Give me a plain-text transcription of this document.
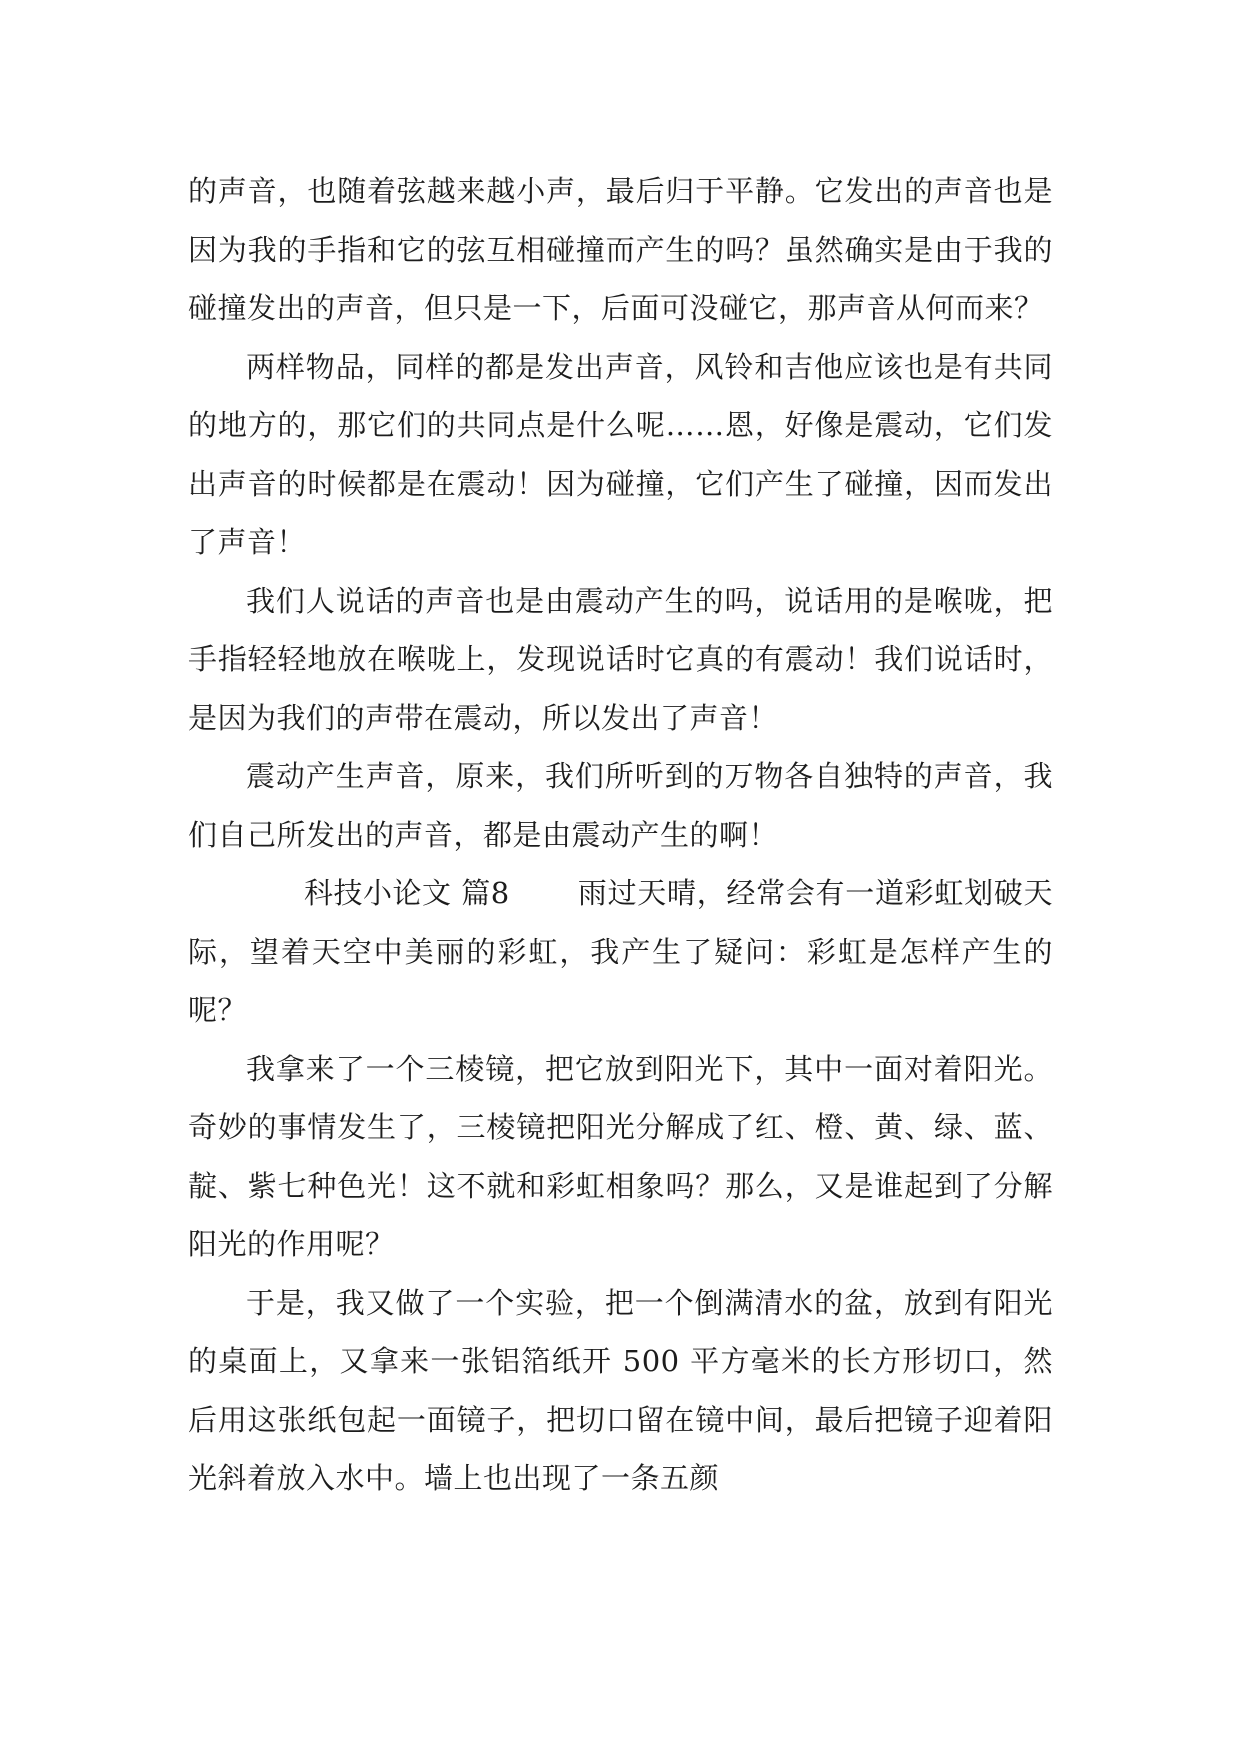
的声音，也随着弦越来越小声，最后归于平静。它发出的声音也是因为我的手指和它的弦互相碰撞而产生的吗？虽然确实是由于我的碰撞发出的声音，但只是一下，后面可没碰它，那声音从何而来？

两样物品，同样的都是发出声音，风铃和吉他应该也是有共同的地方的，那它们的共同点是什么呢……恩，好像是震动，它们发出声音的时候都是在震动！因为碰撞，它们产生了碰撞，因而发出了声音！

我们人说话的声音也是由震动产生的吗，说话用的是喉咙，把手指轻轻地放在喉咙上，发现说话时它真的有震动！我们说话时，是因为我们的声带在震动，所以发出了声音！

震动产生声音，原来，我们所听到的万物各自独特的声音，我们自己所发出的声音，都是由震动产生的啊！

科技小论文 篇8 雨过天晴，经常会有一道彩虹划破天际，望着天空中美丽的彩虹，我产生了疑问：彩虹是怎样产生的呢？

我拿来了一个三棱镜，把它放到阳光下，其中一面对着阳光。奇妙的事情发生了，三棱镜把阳光分解成了红、橙、黄、绿、蓝、靛、紫七种色光！这不就和彩虹相象吗？那么，又是谁起到了分解阳光的作用呢？

于是，我又做了一个实验，把一个倒满清水的盆，放到有阳光的桌面上，又拿来一张铝箔纸开 500 平方毫米的长方形切口，然后用这张纸包起一面镜子，把切口留在镜中间，最后把镜子迎着阳光斜着放入水中。墙上也出现了一条五颜
